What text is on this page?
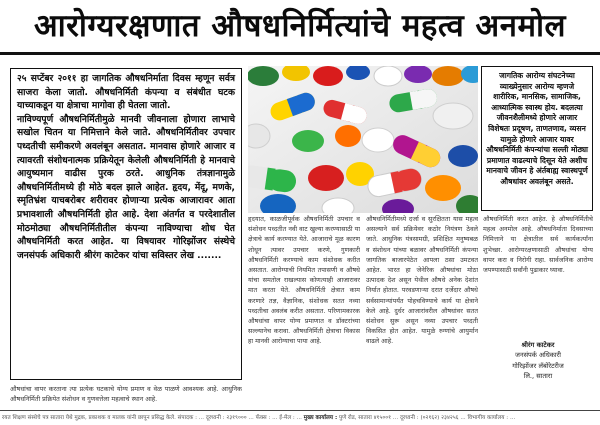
आरोग्यरक्षणात औषधनिर्मित्यांचे महत्व अनमोल
२५ सप्टेंबर २०११ हा जागतिक औषधनिर्माता दिवस म्हणून सर्वत्र साजरा केला जातो. औषधनिर्मिती कंपन्या व संबंधीत घटक याच्याकडून या क्षेत्राचा मागोवा ही घेतला जातो.
नाविण्यपूर्ण औषधनिर्मितीमुळे मानवी जीवनाला होणारा लाभाचे सखोल चितन या निमित्ताने केले जाते. औषधनिर्मितीवर उपचार पध्दतीची समीकरणे अवलंबून असतात. मानवास होणारे आजार व त्यावरती संशोधनात्मक प्रक्रियेतून केलेली औषधनिर्मिती हे मानवाचे आयुष्यमान वाढीस पुरक ठरते. आधुनिक तंत्रज्ञानामुळे औषधनिर्मितीमध्ये ही मोठे बदल झाले आहेत. हृदय, मेंदू, मणके, स्मृतिभ्रंश याचबरोबर शरीरावर होणाऱ्या प्रत्येक आजारावर आता प्रभावशाली औषधनिर्मिती होत आहे. देशा अंतर्गत व परदेशातील मोठमोठ्या औषधनिर्मितीतील कंपन्या नाविण्याचा शोध घेत औषधनिर्मिती करत आहेत. या विषयावर गोरिझोंजर संस्थेचे जनसंपर्क अधिकारी श्रीरंग काटेकर यांचा सविस्तर लेख .......
जागतिक आरोग्य संघटनेच्या व्याख्येनुसार आरोग्य म्हणजे शारीरिक, मानसिक, सामाजिक, आध्यात्मिक स्वास्थ होय. बदलत्या जीवनशैलीमध्ये होणारे आजार विशेषतः प्रदूषण, ताणतणाव, व्यसन यामुळे होणारे आजार यावर औषधनिर्मिती कंपन्यांचा सल्ली मोठ्या प्रमाणात वाढल्याचे दिसून येते अशीच मानवाचे जीवन हे अंर्तबाह्य स्वास्थपूर्ण औषधांवर अवलंबून असते.
हृदयात, काळजीपूर्वक औषधनिर्मिती उपचार व संशोधन पध्दतीत नवी वाट खुल्या करण्यासाठी या क्षेत्राचे कार्य करण्यात येते. आजाराचे मूळ कारण शोधून त्यावर उपचार करणे, गुणकारी औषधनिर्मिती करण्याचे काम संशोधक करीत असतात. आरोग्याची नियमित तपासणी व औषधे यांचा समतोल राखल्यास कोणत्याही आजारावर मात करता येते. औषधनिर्मिती क्षेत्रात काम करणारे तज्ञ, वैज्ञानिक, संशोधक सतत नव्या पध्दतीचा अवलंब करीत असतात. परिणामकारक औषधांचा वापर योग्य प्रमाणात व डॉक्टरांच्या सल्ल्यानेच करावा. औषधनिर्मिती क्षेत्राचा विकास हा मानवी आरोग्याचा पाया आहे.
औषधनिर्मितीमध्ये दर्जा व सुरक्षितता यास महत्व असल्याने सर्व प्रक्रियेवर कठोर नियंत्रण ठेवले जाते. आधुनिक यंत्रसामग्री, प्रशिक्षित मनुष्यबळ व संशोधन यांच्या बळावर औषधनिर्मिती कंपन्या जागतिक बाजारपेठेत आपला ठसा उमटवत आहेत. भारत हा जेनेरिक औषधांचा मोठा उत्पादक देश असून येथील औषधे अनेक देशांत निर्यात होतात. परवडणाऱ्या दरात दर्जेदार औषधे सर्वसामान्यांपर्यंत पोहचविण्याचे कार्य या क्षेत्राने केले आहे. दुर्धर आजारांवरील औषधांवर सतत संशोधन सुरू असून नव्या उपचार पध्दती विकसित होत आहेत. यामुळे रुग्णांचे आयुर्मान वाढले आहे.
औषधनिर्मिती करत आहेत. हे औषधनिर्मितीचे महत्व अनमोल आहे. औषधनिर्माता दिवसाच्या निमित्ताने या क्षेत्रातील सर्व कार्यकर्त्यांना शुभेच्छा. आरोग्यरक्षणासाठी औषधांचा योग्य वापर करा व निरोगी राहा. सार्वजनिक आरोग्य जपण्यासाठी सर्वांनी पुढाकार घ्यावा.
श्रीरंग काटेकर
जनसंपर्क अधिकारी
गोरिझोंजर लॅबोरेटरीज
लि., सातारा
औषधांचा वापर करताना त्या प्रत्येक घटकाचे योग्य प्रमाण व वेळ पाळणे आवश्यक आहे. आधुनिक औषधनिर्मिती प्रक्रियेत संशोधन व गुणवत्तेला महत्वाचे स्थान आहे.
रयत शिक्षण संस्थेचे पत्र सातारा येथे मुद्रक, प्रकाशक व मालक यांनी छापून प्रसिद्ध केले. संपादक : ... दूरध्वनी : २३१९००० ... फॅक्स : ... ई-मेल : ... मुख्य कार्यालय : पुणे रोड, सातारा ४१५००१ ... दूरध्वनी : (०२१६२) २३४२५६ ... विभागीय कार्यालय : ...
